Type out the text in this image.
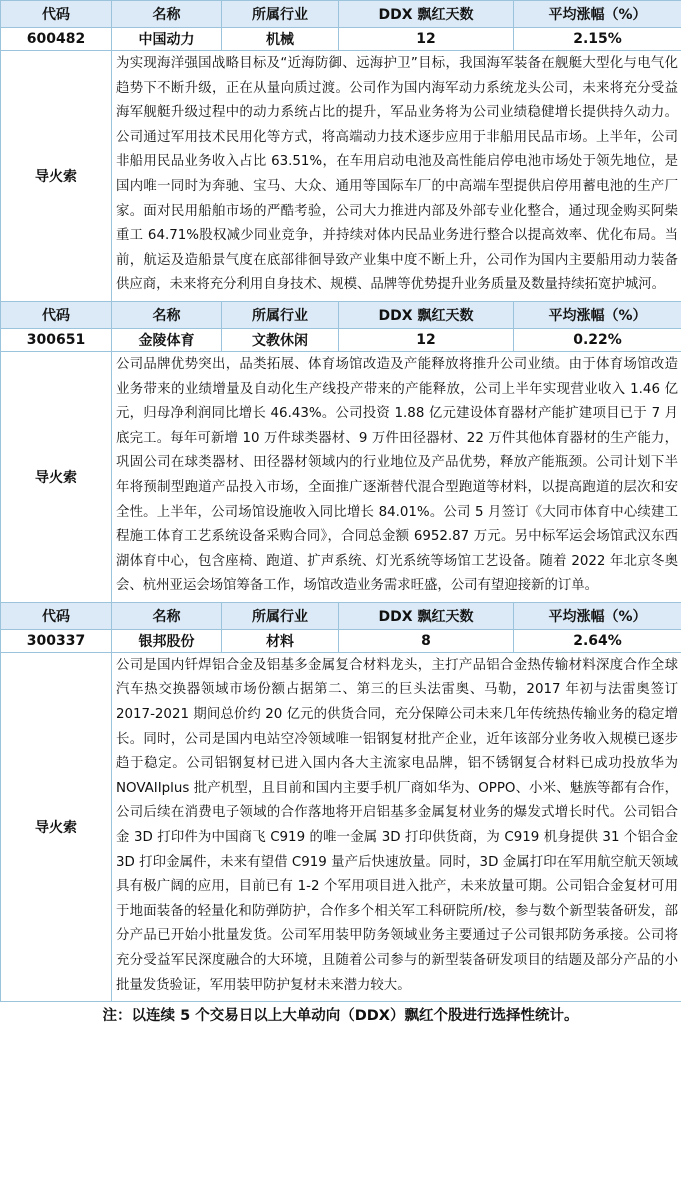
代码	名称	所属行业	DDX 飘红天数	平均涨幅（%）
600482	中国动力	机械	12	2.15%
导火索	为实现海洋强国战略目标及“近海防御、远海护卫”目标，我国海军装备在舰艇大型化与电气化趋势下不断升级，正在从量向质过渡。公司作为国内海军动力系统龙头公司，未来将充分受益海军舰艇升级过程中的动力系统占比的提升，军品业务将为公司业绩稳健增长提供持久动力。公司通过军用技术民用化等方式，将高端动力技术逐步应用于非船用民品市场。上半年，公司非船用民品业务收入占比 63.51%，在车用启动电池及高性能启停电池市场处于领先地位，是国内唯一同时为奔驰、宝马、大众、通用等国际车厂的中高端车型提供启停用蓄电池的生产厂家。面对民用船舶市场的严酷考验，公司大力推进内部及外部专业化整合，通过现金购买阿柴重工 64.71%股权减少同业竞争，并持续对体内民品业务进行整合以提高效率、优化布局。当前，航运及造船景气度在底部徘徊导致产业集中度不断上升，公司作为国内主要船用动力装备供应商，未来将充分利用自身技术、规模、品牌等优势提升业务质量及数量持续拓宽护城河。			
代码	名称	所属行业	DDX 飘红天数	平均涨幅（%）
300651	金陵体育	文教休闲	12	0.22%
导火索	公司品牌优势突出，品类拓展、体育场馆改造及产能释放将推升公司业绩。由于体育场馆改造业务带来的业绩增量及自动化生产线投产带来的产能释放，公司上半年实现营业收入 1.46 亿元，归母净利润同比增长 46.43%。公司投资 1.88 亿元建设体育器材产能扩建项目已于 7 月底完工。每年可新增 10 万件球类器材、9 万件田径器材、22 万件其他体育器材的生产能力，巩固公司在球类器材、田径器材领域内的行业地位及产品优势，释放产能瓶颈。公司计划下半年将预制型跑道产品投入市场，全面推广逐渐替代混合型跑道等材料，以提高跑道的层次和安全性。上半年，公司场馆设施收入同比增长 84.01%。公司 5 月签订《大同市体育中心续建工程施工体育工艺系统设备采购合同》，合同总金额 6952.87 万元。另中标军运会场馆武汉东西湖体育中心，包含座椅、跑道、扩声系统、灯光系统等场馆工艺设备。随着 2022 年北京冬奥会、杭州亚运会场馆筹备工作，场馆改造业务需求旺盛，公司有望迎接新的订单。			
代码	名称	所属行业	DDX 飘红天数	平均涨幅（%）
300337	银邦股份	材料	8	2.64%
导火索	公司是国内钎焊铝合金及铝基多金属复合材料龙头，主打产品铝合金热传输材料深度合作全球汽车热交换器领域市场份额占据第二、第三的巨头法雷奥、马勒，2017 年初与法雷奥签订 2017-2021 期间总价约 20 亿元的供货合同，充分保障公司未来几年传统热传输业务的稳定增长。同时，公司是国内电站空冷领域唯一铝钢复材批产企业，近年该部分业务收入规模已逐步趋于稳定。公司铝钢复材已进入国内各大主流家电品牌，铝不锈钢复合材料已成功投放华为 NOVAIIplus 批产机型，且目前和国内主要手机厂商如华为、OPPO、小米、魅族等都有合作，公司后续在消费电子领域的合作落地将开启铝基多金属复材业务的爆发式增长时代。公司铝合金 3D 打印件为中国商飞 C919 的唯一金属 3D 打印供货商，为 C919 机身提供 31 个铝合金 3D 打印金属件，未来有望借 C919 量产后快速放量。同时，3D 金属打印在军用航空航天领域具有极广阔的应用，目前已有 1-2 个军用项目进入批产，未来放量可期。公司铝合金复材可用于地面装备的轻量化和防弹防护，合作多个相关军工科研院所/校，参与数个新型装备研发，部分产品已开始小批量发货。公司军用装甲防务领域业务主要通过子公司银邦防务承接。公司将充分受益军民深度融合的大环境，且随着公司参与的新型装备研发项目的结题及部分产品的小批量发货验证，军用装甲防护复材未来潜力较大。			
注：以连续 5 个交易日以上大单动向（DDX）飘红个股进行选择性统计。
